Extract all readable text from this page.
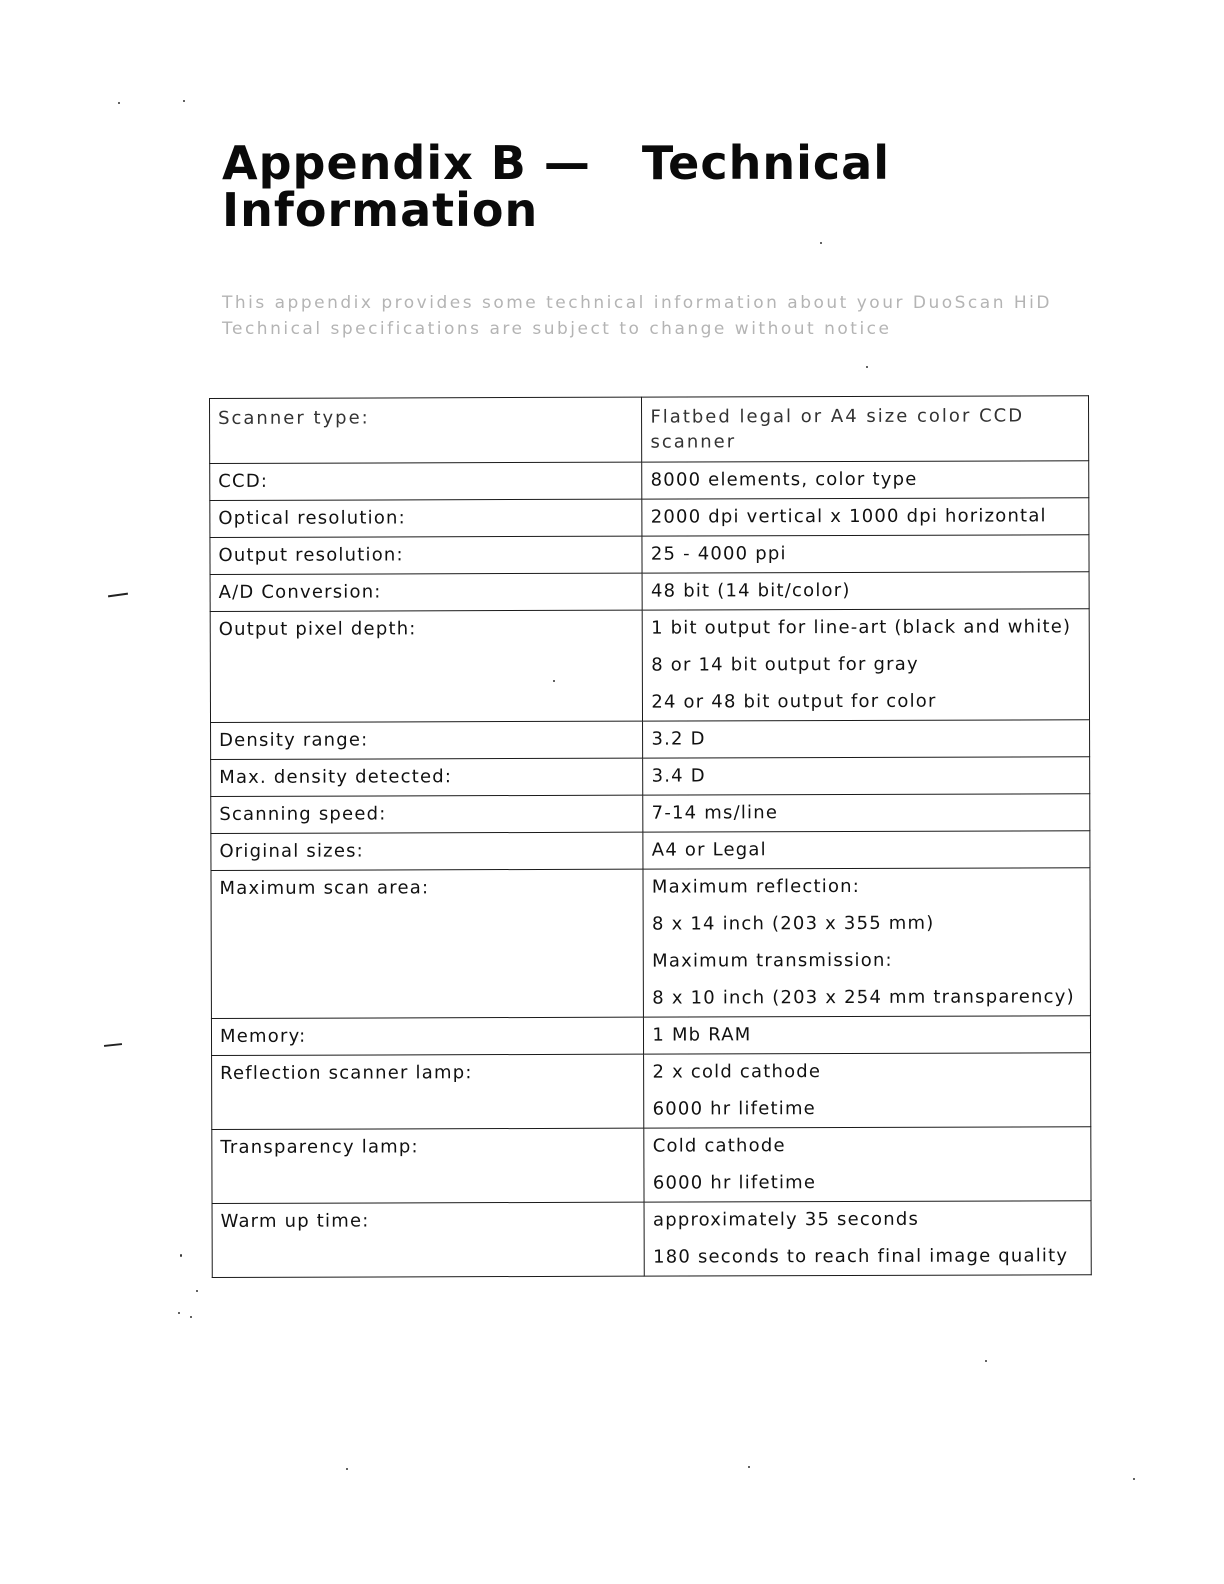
Appendix B — Technical
Information

This appendix provides some technical information about your DuoScan HiD

Technical specifications are subject to change without notice

Scanner type:	Flatbed legal or A4 size color CCD
scanner

CCD:	8000 elements, color type

Optical resolution:	2000 dpi vertical x 1000 dpi horizontal

Output resolution:	25 - 4000 ppi

A/D Conversion:	48 bit (14 bit/color)

Output pixel depth:	1 bit output for line-art (black and white)
8 or 14 bit output for gray
24 or 48 bit output for color

Density range:	3.2 D

Max. density detected:	3.4 D

Scanning speed:	7-14 ms/line

Original sizes:	A4 or Legal

Maximum scan area:	Maximum reflection:
8 x 14 inch (203 x 355 mm)
Maximum transmission:
8 x 10 inch (203 x 254 mm transparency)

Memory:	1 Mb RAM

Reflection scanner lamp:	2 x cold cathode
6000 hr lifetime

Transparency lamp:	Cold cathode
6000 hr lifetime

Warm up time:	approximately 35 seconds
180 seconds to reach final image quality
